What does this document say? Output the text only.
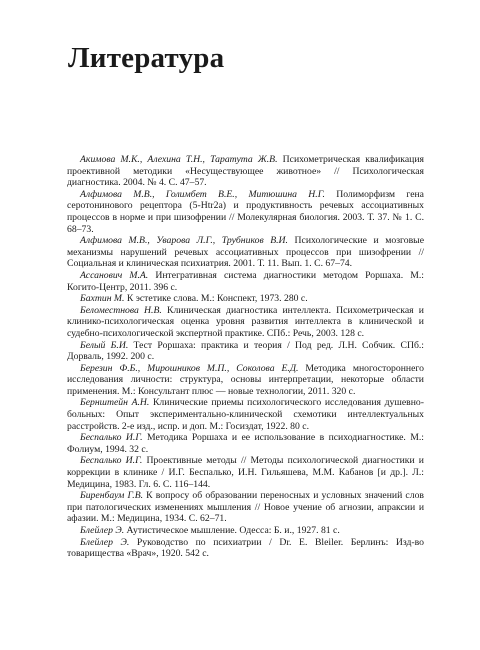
Литература

Акимова М.К., Алехина Т.Н., Таратута Ж.В. Психометрическая квалификация проективной методики «Несуществующее животное» // Психологическая диагностика. 2004. № 4. С. 47–57.

Алфимова М.В., Голимбет В.Е., Митюшина Н.Г. Полиморфизм гена серотонинового рецептора (5-Htr2a) и продуктивность речевых ассоциативных процессов в норме и при шизофрении // Молекулярная биология. 2003. Т. 37. № 1. С. 68–73.

Алфимова М.В., Уварова Л.Г., Трубников В.И. Психологические и мозговые механизмы нарушений речевых ассоциативных процессов при шизофрении // Социальная и клиническая психиатрия. 2001. Т. 11. Вып. 1. С. 67–74.

Ассанович М.А. Интегративная система диагностики методом Роршаха. М.: Когито-Центр, 2011. 396 с.

Бахтин М. К эстетике слова. М.: Конспект, 1973. 280 с.

Беломестнова Н.В. Клиническая диагностика интеллекта. Психометрическая и клинико-психологическая оценка уровня развития интеллекта в клинической и судебно-психологической экспертной практике. СПб.: Речь, 2003. 128 с.

Белый Б.И. Тест Роршаха: практика и теория / Под ред. Л.Н. Собчик. СПб.: Дорваль, 1992. 200 с.

Березин Ф.Б., Мирошников М.П., Соколова Е.Д. Методика многостороннего исследования личности: структура, основы интерпретации, некоторые области применения. М.: Консультант плюс — новые технологии, 2011. 320 с.

Бернштейн А.Н. Клинические приемы психологического исследования душевно-больных: Опыт экспериментально-клинической схемотики интеллектуальных расстройств. 2-е изд., испр. и доп. М.: Госиздат, 1922. 80 с.

Беспалько И.Г. Методика Роршаха и ее использование в психодиагностике. М.: Фолиум, 1994. 32 с.

Беспалько И.Г. Проективные методы // Методы психологической диагностики и коррекции в клинике / И.Г. Беспалько, И.Н. Гильяшева, М.М. Кабанов [и др.]. Л.: Медицина, 1983. Гл. 6. С. 116–144.

Биренбаум Г.В. К вопросу об образовании переносных и условных значений слов при патологических изменениях мышления // Новое учение об агнозии, апраксии и афазии. М.: Медицина, 1934. С. 62–71.

Блейлер Э. Аутистическое мышление. Одесса: Б. и., 1927. 81 с.

Блейлер Э. Руководство по психиатрии / Dr. E. Bleiler. Берлинъ: Изд-во товарищества «Врач», 1920. 542 с.
